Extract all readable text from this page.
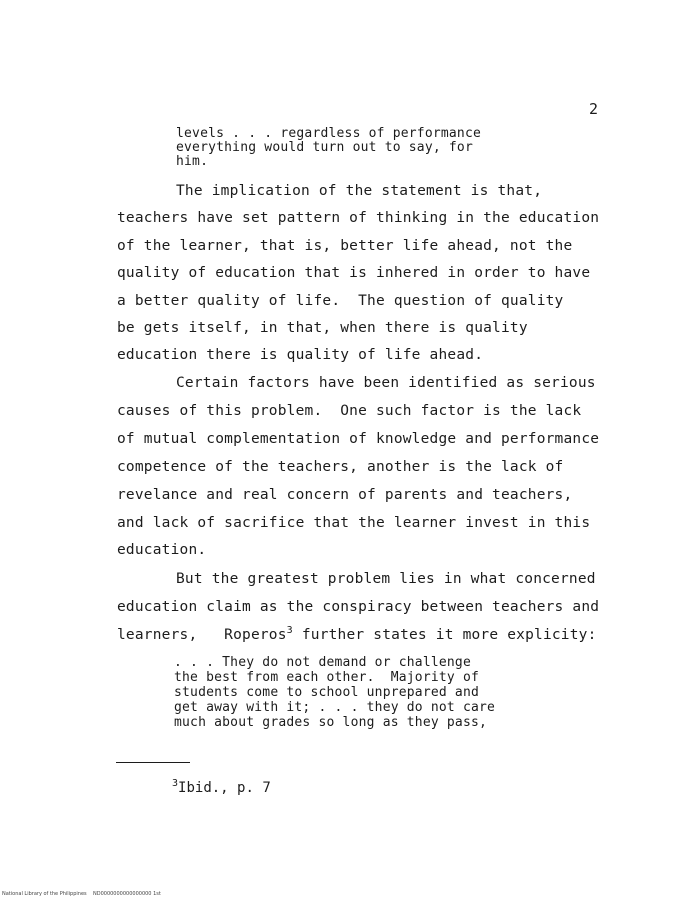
2
levels . . . regardless of performance
everything would turn out to say, for
him.
The implication of the statement is that,
teachers have set pattern of thinking in the education
of the learner, that is, better life ahead, not the
quality of education that is inhered in order to have
a better quality of life.  The question of quality
be gets itself, in that, when there is quality
education there is quality of life ahead.
Certain factors have been identified as serious
causes of this problem.  One such factor is the lack
of mutual complementation of knowledge and performance
competence of the teachers, another is the lack of
revelance and real concern of parents and teachers,
and lack of sacrifice that the learner invest in this
education.
But the greatest problem lies in what concerned
education claim as the conspiracy between teachers and
learners,   Roperos$^3$ further states it more explicity:
. . . They do not demand or challenge
the best from each other.  Majority of
students come to school unprepared and
get away with it; . . . they do not care
much about grades so long as they pass,
$^3$Ibid., p. 7
National Library of the Philippines    ND0000000000000000 1st
